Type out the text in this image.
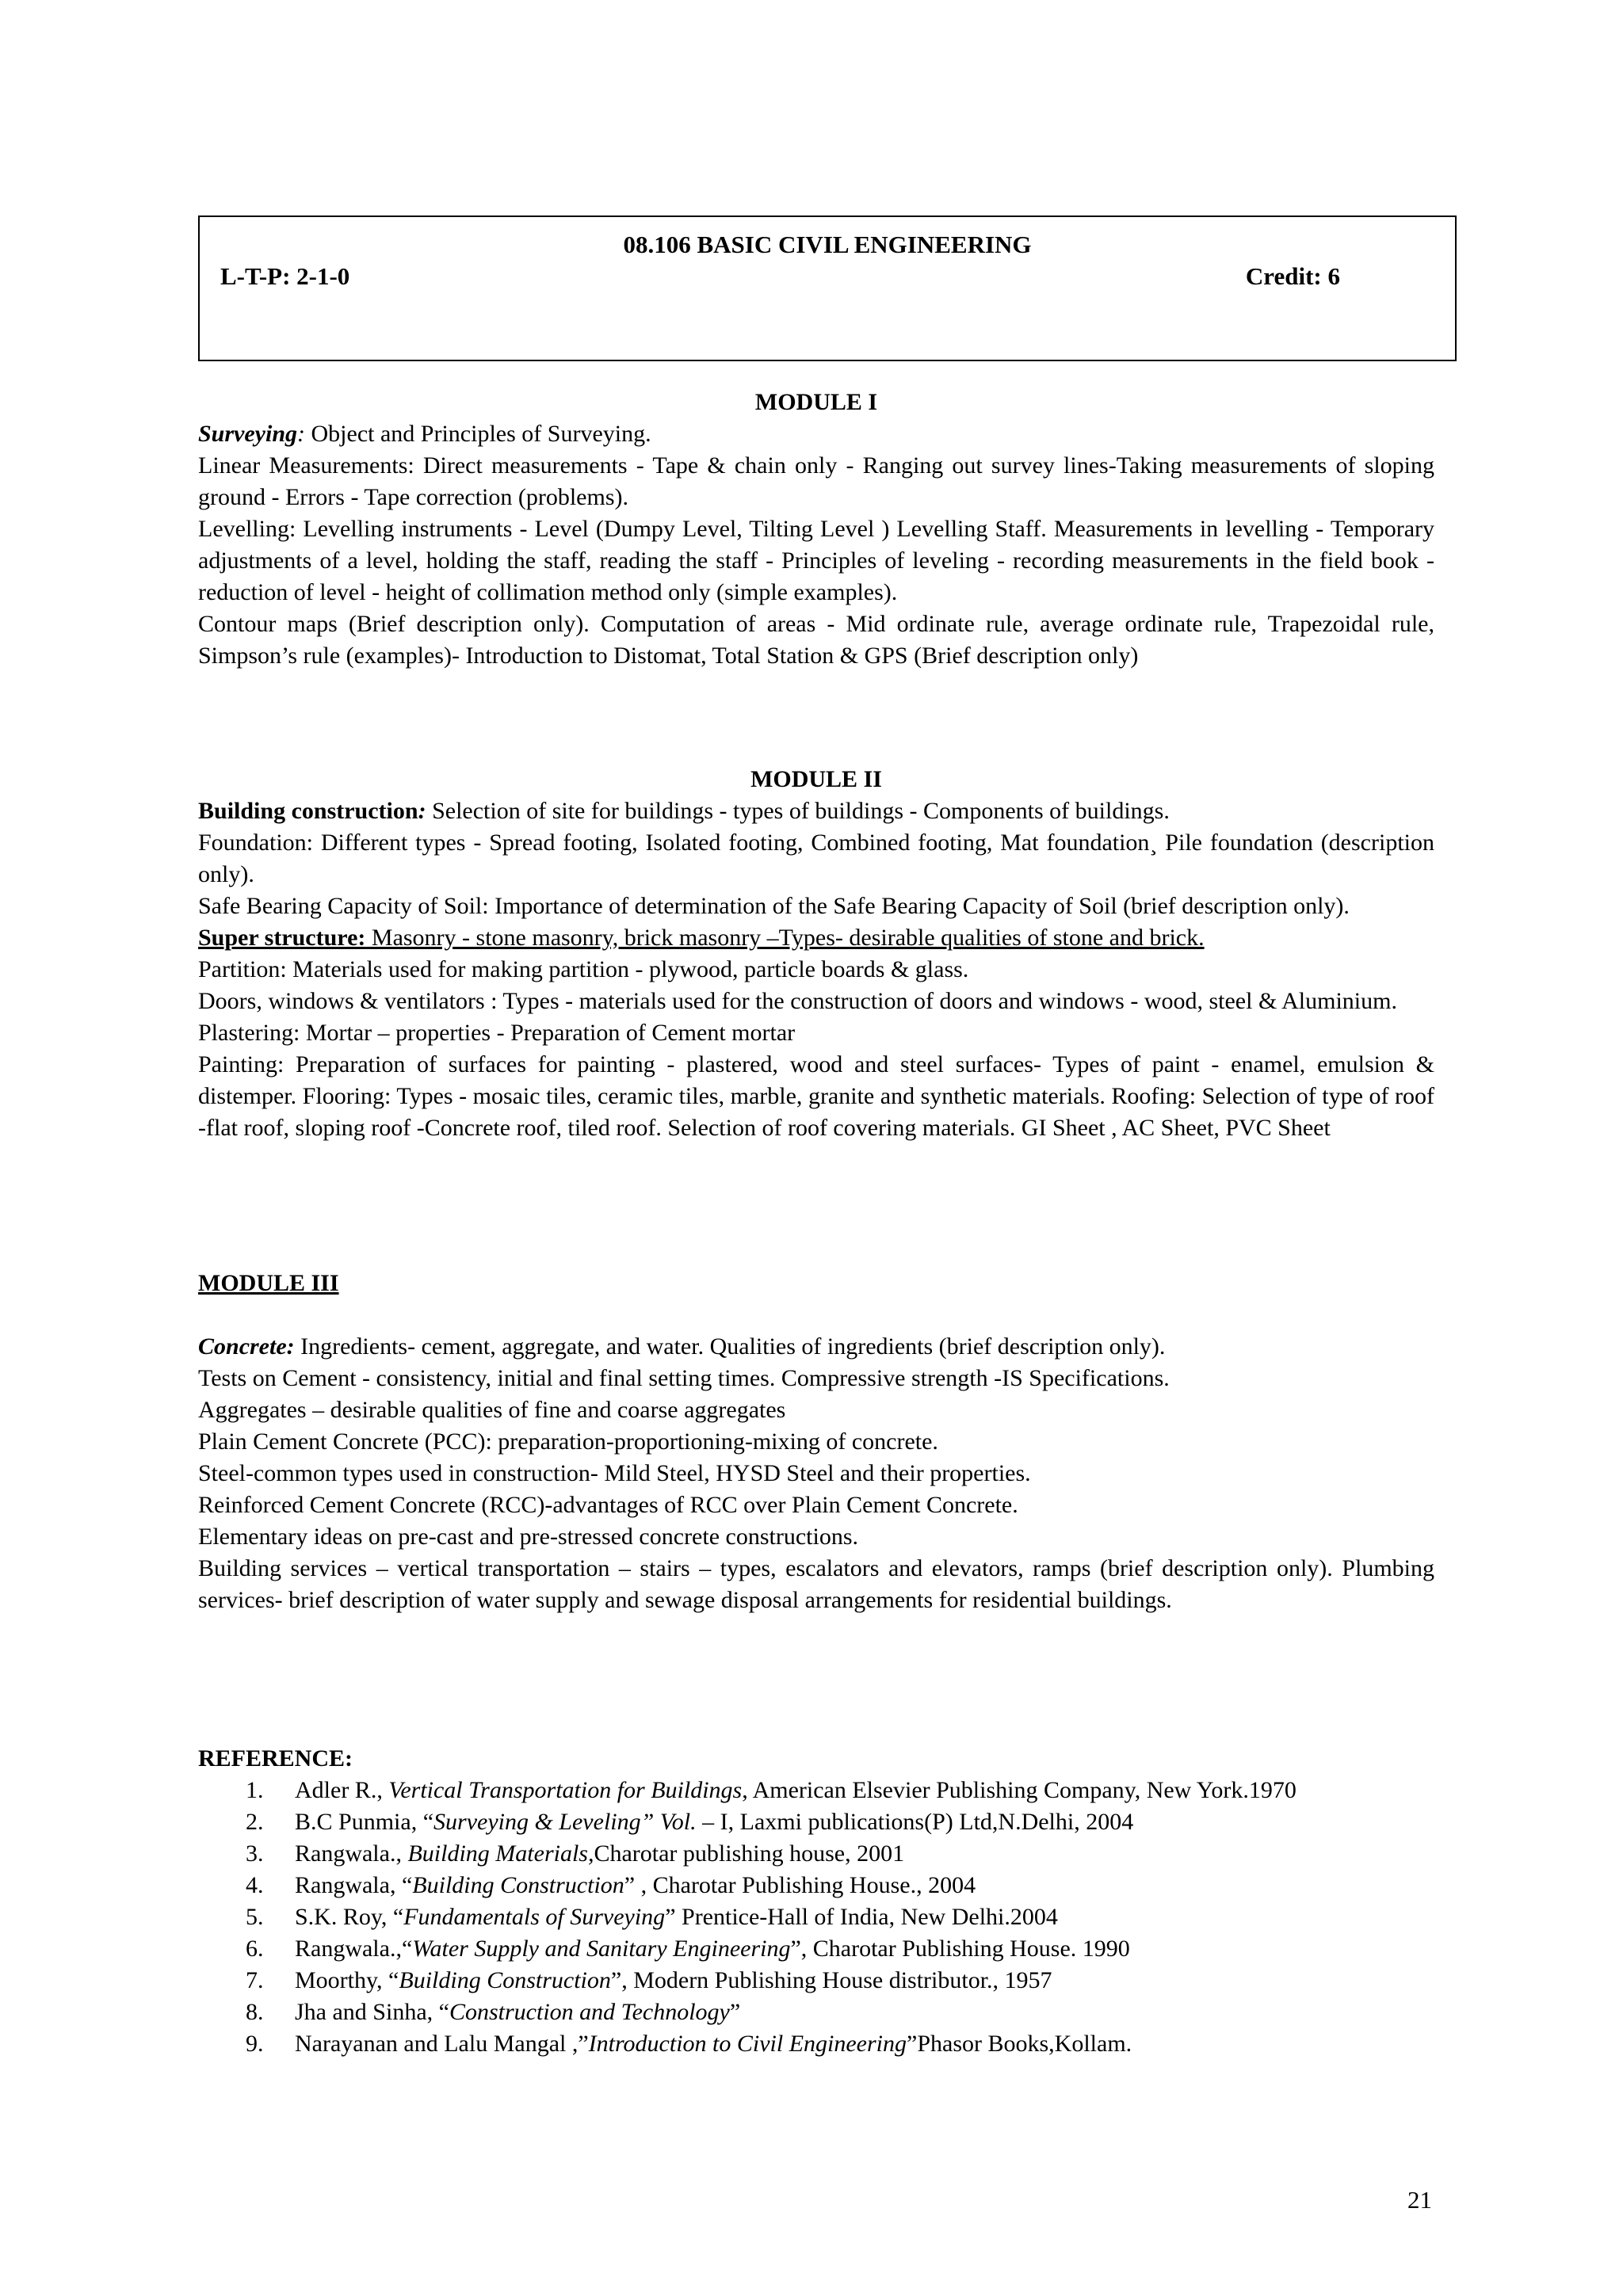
08.106 BASIC CIVIL ENGINEERING
L-T-P: 2-1-0	Credit: 6
MODULE I
Surveying: Object and Principles of Surveying.
Linear Measurements: Direct measurements - Tape & chain only - Ranging out survey lines-Taking measurements of sloping ground - Errors - Tape correction (problems).
Levelling: Levelling instruments - Level (Dumpy Level, Tilting Level ) Levelling Staff. Measurements in levelling - Temporary adjustments of a level, holding the staff, reading the staff - Principles of leveling - recording measurements in the field book - reduction of level - height of collimation method only (simple examples).
Contour maps (Brief description only). Computation of areas - Mid ordinate rule, average ordinate rule, Trapezoidal rule, Simpson’s rule (examples)- Introduction to Distomat, Total Station & GPS (Brief description only)
MODULE II
Building construction: Selection of site for buildings - types of buildings - Components of buildings.
Foundation: Different types - Spread footing, Isolated footing, Combined footing, Mat foundation¸ Pile foundation (description only).
Safe Bearing Capacity of Soil: Importance of determination of the Safe Bearing Capacity of Soil (brief description only).
Super structure: Masonry - stone masonry, brick masonry –Types- desirable qualities of stone and brick.
Partition: Materials used for making partition - plywood, particle boards & glass.
Doors, windows & ventilators : Types - materials used for the construction of doors and windows - wood, steel & Aluminium.
Plastering: Mortar – properties - Preparation of Cement mortar
Painting: Preparation of surfaces for painting - plastered, wood and steel surfaces- Types of paint - enamel, emulsion & distemper. Flooring: Types - mosaic tiles, ceramic tiles, marble, granite and synthetic materials. Roofing: Selection of type of roof -flat roof, sloping roof -Concrete roof, tiled roof. Selection of roof covering materials. GI Sheet , AC Sheet, PVC Sheet
MODULE III
Concrete: Ingredients- cement, aggregate, and water. Qualities of ingredients (brief description only).
Tests on Cement - consistency, initial and final setting times. Compressive strength -IS Specifications.
Aggregates – desirable qualities of fine and coarse aggregates
Plain Cement Concrete (PCC): preparation-proportioning-mixing of concrete.
Steel-common types used in construction- Mild Steel, HYSD Steel and their properties.
Reinforced Cement Concrete (RCC)-advantages of RCC over Plain Cement Concrete.
Elementary ideas on pre-cast and pre-stressed concrete constructions.
Building services – vertical transportation – stairs – types, escalators and elevators, ramps (brief description only). Plumbing services- brief description of water supply and sewage disposal arrangements for residential buildings.
REFERENCE:
1. Adler R., Vertical Transportation for Buildings, American Elsevier Publishing Company, New York.1970
2. B.C Punmia, “Surveying & Leveling” Vol. – I, Laxmi publications(P) Ltd,N.Delhi, 2004
3. Rangwala., Building Materials,Charotar publishing house, 2001
4. Rangwala, “Building Construction” , Charotar Publishing House., 2004
5. S.K. Roy, “Fundamentals of Surveying” Prentice-Hall of India, New Delhi.2004
6. Rangwala.,“Water Supply and Sanitary Engineering”, Charotar Publishing House. 1990
7. Moorthy, “Building Construction”, Modern Publishing House distributor., 1957
8. Jha and Sinha, “Construction and Technology”
9. Narayanan and Lalu Mangal ,”Introduction to Civil Engineering”Phasor Books,Kollam.
21
